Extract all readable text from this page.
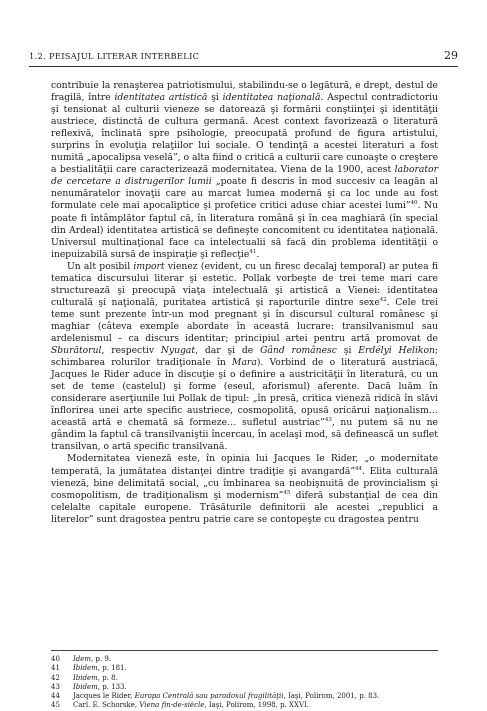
1.2. PEISAJUL LITERAR INTERBELIC	29

contribuie la renaşterea patriotismului, stabilindu-se o legătură, e drept, destul de fragilă, între identitatea artistică şi identitatea naţională. Aspectul contradictoriu şi tensionat al culturii vieneze se datorează şi formării conştiinţei şi identităţii austriece, distinctă de cultura germană. Acest context favorizează o literatură reflexivă, înclinată spre psihologie, preocupată profund de figura artistului, surprins în evoluţia relaţiilor lui sociale. O tendinţă a acestei literaturi a fost numită „apocalipsa veselă”, o alta fiind o critică a culturii care cunoaşte o creştere a bestialităţii care caracterizează modernitatea. Viena de la 1900, acest laborator de cercetare a distrugerilor lumii „poate fi descris în mod succesiv ca leagăn al nenumăratelor inovaţii care au marcat lumea modernă şi ca loc unde au fost formulate cele mai apocaliptice şi profetice critici aduse chiar acestei lumi”$^{40}$. Nu poate fi întâmplător faptul că, în literatura română şi în cea maghiară (în special din Ardeal) identitatea artistică se defineşte concomitent cu identitatea naţională. Universul multinaţional face ca intelectualii să facă din problema identităţii o inepuizabilă sursă de inspiraţie şi reflecţie$^{41}$.

Un alt posibil import vienez (evident, cu un firesc decalaj temporal) ar putea fi tematica discursului literar şi estetic. Pollak vorbeşte de trei teme mari care structurează şi preocupă viaţa intelectuală şi artistică a Vienei: identitatea culturală şi naţională, puritatea artistică şi raporturile dintre sexe$^{42}$. Cele trei teme sunt prezente într-un mod pregnant şi în discursul cultural românesc şi maghiar (câteva exemple abordate în această lucrare: transilvanismul sau ardelenismul – ca discurs identitar; principiul artei pentru artă promovat de Sburătorul, respectiv Nyugat, dar şi de Gând românesc şi Erdélyi Helikon; schimbarea rolurilor tradiţionale în Mara). Vorbind de o literatură austriacă, Jacques le Rider aduce în discuţie şi o definire a austricităţii în literatură, cu un set de teme (castelul) şi forme (eseul, aforismul) aferente. Dacă luăm în considerare aserţiunile lui Pollak de tipul: „în presă, critica vieneză ridică în slăvi înflorirea unei arte specific austriece, cosmopolită, opusă oricărui naţionalism… această artă e chemată să formeze… sufletul austriac”$^{43}$, nu putem să nu ne gândim la faptul că transilvaniştii încercau, în acelaşi mod, să definească un suflet transilvan, o artă specific transilvană.

Modernitatea vieneză este, în opinia lui Jacques le Rider, „o modernitate temperată, la jumătatea distanţei dintre tradiţie şi avangardă”$^{44}$. Elita culturală vieneză, bine delimitată social, „cu îmbinarea sa neobişnuită de provincialism şi cosmopolitism, de tradiţionalism şi modernism”$^{45}$ diferă substanţial de cea din celelalte capitale europene. Trăsăturile definitorii ale acestei „republici a literelor” sunt dragostea pentru patrie care se contopeşte cu dragostea pentru

40	Idem, p. 9.
41	Ibidem, p. 181.
42	Ibidem, p. 8.
43	Ibidem, p. 133.
44	Jacques le Rider, Europa Centrală sau paradoxul fragilităţii, Iaşi, Polirom, 2001, p. 83.
45	Carl. E. Schorske, Viena fin-de-siècle, Iaşi, Polirom, 1998, p. XXVI.
